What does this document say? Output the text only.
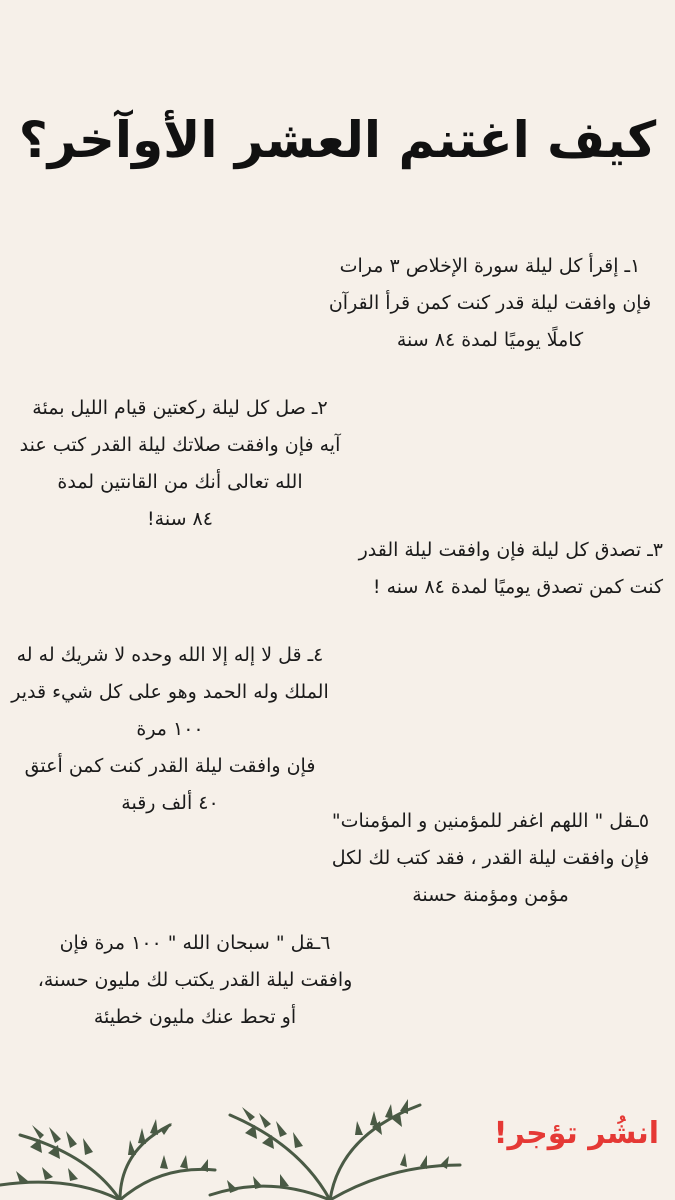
كيف اغتنم العشر الأوآخر؟
١ـ إقرأ كل ليلة سورة الإخلاص ٣ مرات
فإن وافقت ليلة قدر كنت كمن قرأ القرآن
كاملًا يوميًا لمدة ٨٤ سنة
٢ـ صل كل ليلة ركعتين قيام الليل بمئة
آيه فإن وافقت صلاتك ليلة القدر كتب عند
الله تعالى أنك من القانتين لمدة
٨٤ سنة!
٣ـ تصدق كل ليلة فإن وافقت ليلة القدر
كنت كمن تصدق يوميًا لمدة ٨٤ سنه !
٤ـ قل لا إله إلا الله وحده لا شريك له له
الملك وله الحمد وهو على كل شيء قدير
١٠٠ مرة
فإن وافقت ليلة القدر كنت كمن أعتق
٤٠ ألف رقبة
٥ـقل " اللهم اغفر للمؤمنين و المؤمنات"
فإن وافقت ليلة القدر ، فقد كتب لك لكل
مؤمن ومؤمنة حسنة
٦ـقل " سبحان الله " ١٠٠ مرة فإن
وافقت ليلة القدر يكتب لك مليون حسنة،
أو تحط عنك مليون خطيئة
انشُر تؤجر!
